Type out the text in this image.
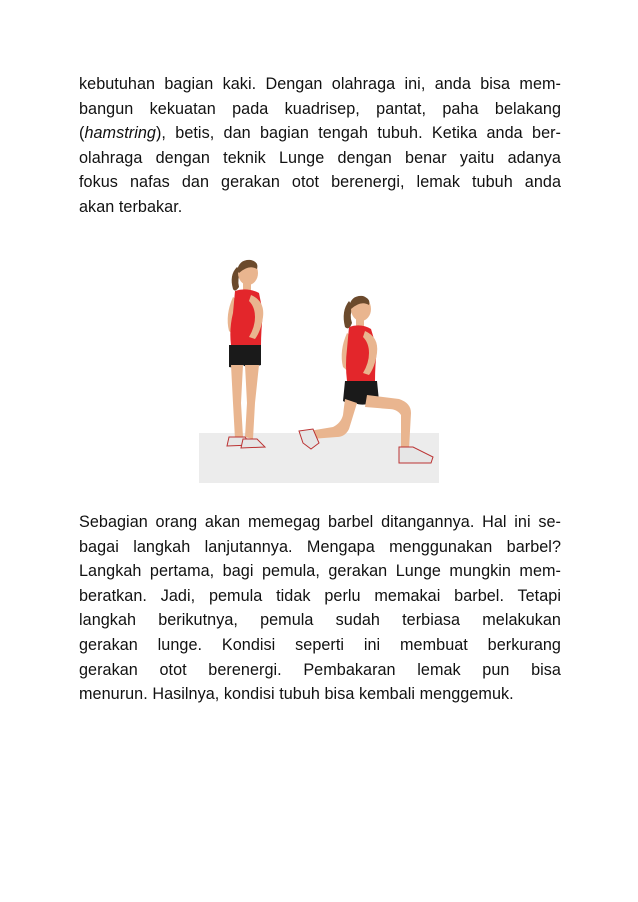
kebutuhan bagian kaki. Dengan olahraga ini, anda bisa mem-
bangun kekuatan pada kuadrisep, pantat, paha belakang
(hamstring), betis, dan bagian tengah tubuh. Ketika anda ber-
olahraga dengan teknik Lunge dengan benar yaitu adanya
fokus nafas dan gerakan otot berenergi, lemak tubuh anda
akan terbakar.
Sebagian orang akan memegag barbel ditangannya. Hal ini se-
bagai langkah lanjutannya. Mengapa menggunakan barbel?
Langkah pertama, bagi pemula, gerakan Lunge mungkin mem-
beratkan. Jadi, pemula tidak perlu memakai barbel. Tetapi
langkah berikutnya, pemula sudah terbiasa melakukan
gerakan lunge. Kondisi seperti ini membuat berkurang
gerakan otot berenergi. Pembakaran lemak pun bisa
menurun. Hasilnya, kondisi tubuh bisa kembali menggemuk.
